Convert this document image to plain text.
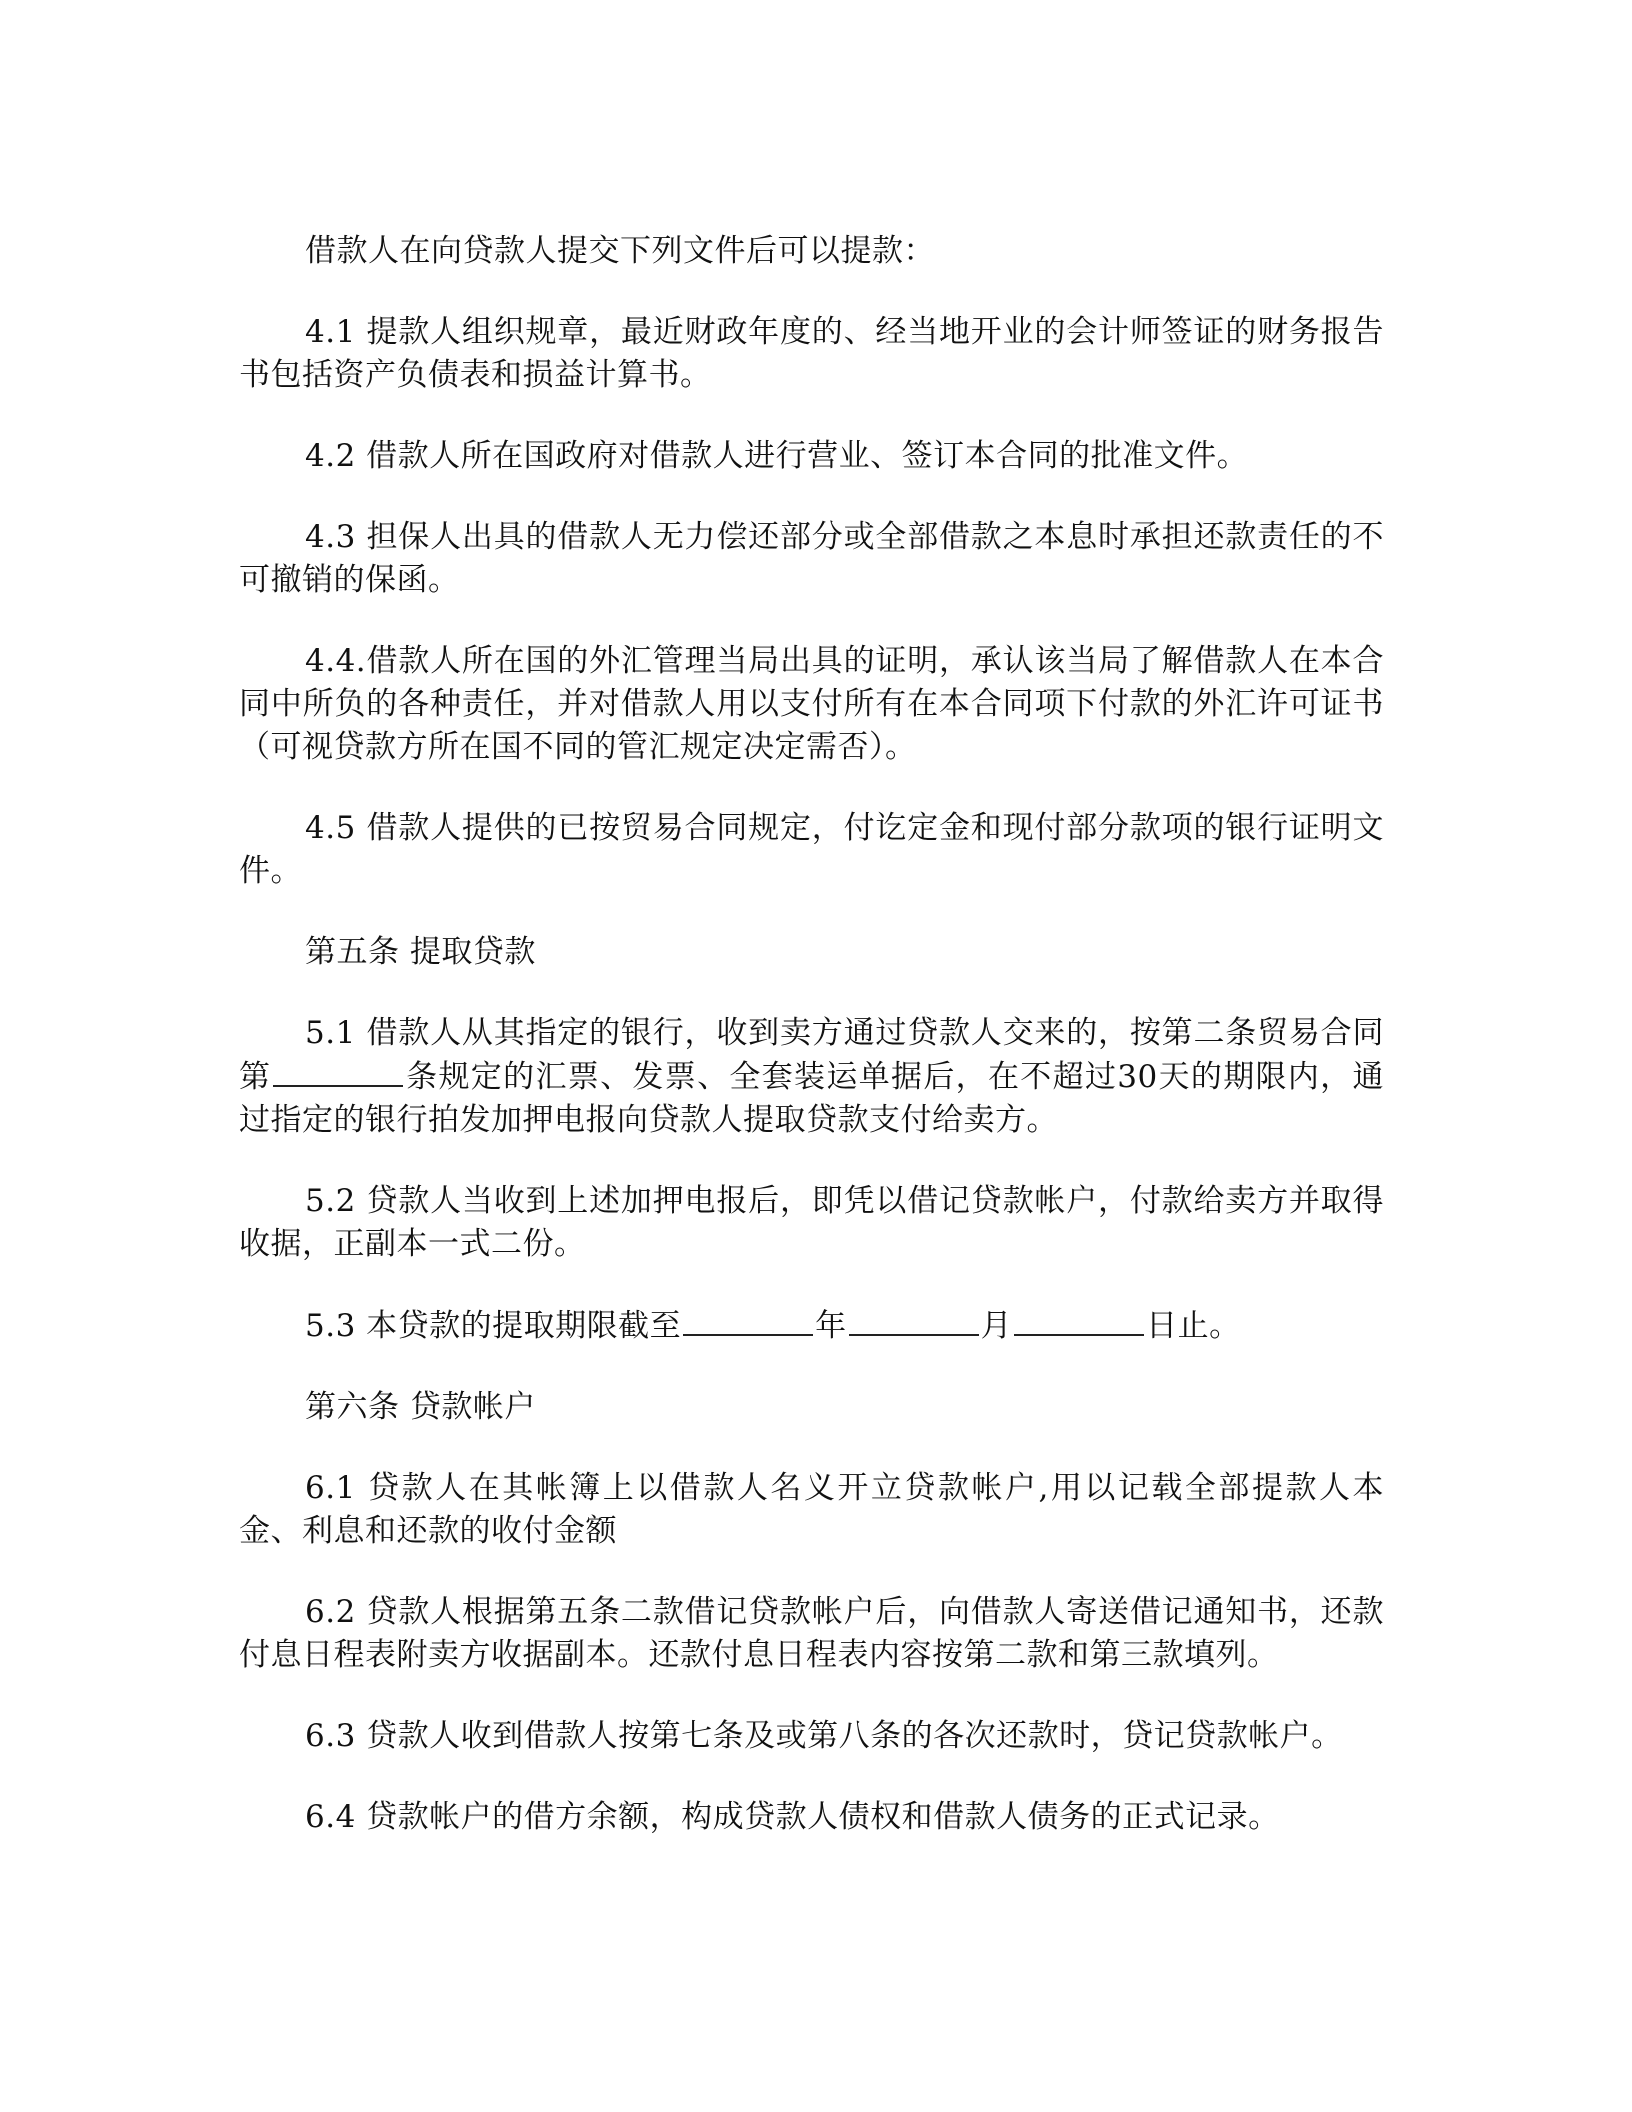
借款人在向贷款人提交下列文件后可以提款：

4.1 提款人组织规章，最近财政年度的、经当地开业的会计师签证的财务报告书包括资产负债表和损益计算书。

4.2 借款人所在国政府对借款人进行营业、签订本合同的批准文件。

4.3 担保人出具的借款人无力偿还部分或全部借款之本息时承担还款责任的不可撤销的保函。

4.4.借款人所在国的外汇管理当局出具的证明，承认该当局了解借款人在本合同中所负的各种责任，并对借款人用以支付所有在本合同项下付款的外汇许可证书（可视贷款方所在国不同的管汇规定决定需否）。

4.5 借款人提供的已按贸易合同规定，付讫定金和现付部分款项的银行证明文件。

第五条 提取贷款

5.1 借款人从其指定的银行，收到卖方通过贷款人交来的，按第二条贸易合同第	条规定的汇票、发票、全套装运单据后，在不超过30天的期限内，通过指定的银行拍发加押电报向贷款人提取贷款支付给卖方。

5.2 贷款人当收到上述加押电报后，即凭以借记贷款帐户，付款给卖方并取得收据，正副本一式二份。

5.3 本贷款的提取期限截至	年	月	日止。

第六条 贷款帐户

6.1 贷款人在其帐簿上以借款人名义开立贷款帐户,用以记载全部提款人本金、利息和还款的收付金额

6.2 贷款人根据第五条二款借记贷款帐户后，向借款人寄送借记通知书，还款付息日程表附卖方收据副本。还款付息日程表内容按第二款和第三款填列。

6.3 贷款人收到借款人按第七条及或第八条的各次还款时，贷记贷款帐户。

6.4 贷款帐户的借方余额，构成贷款人债权和借款人债务的正式记录。
